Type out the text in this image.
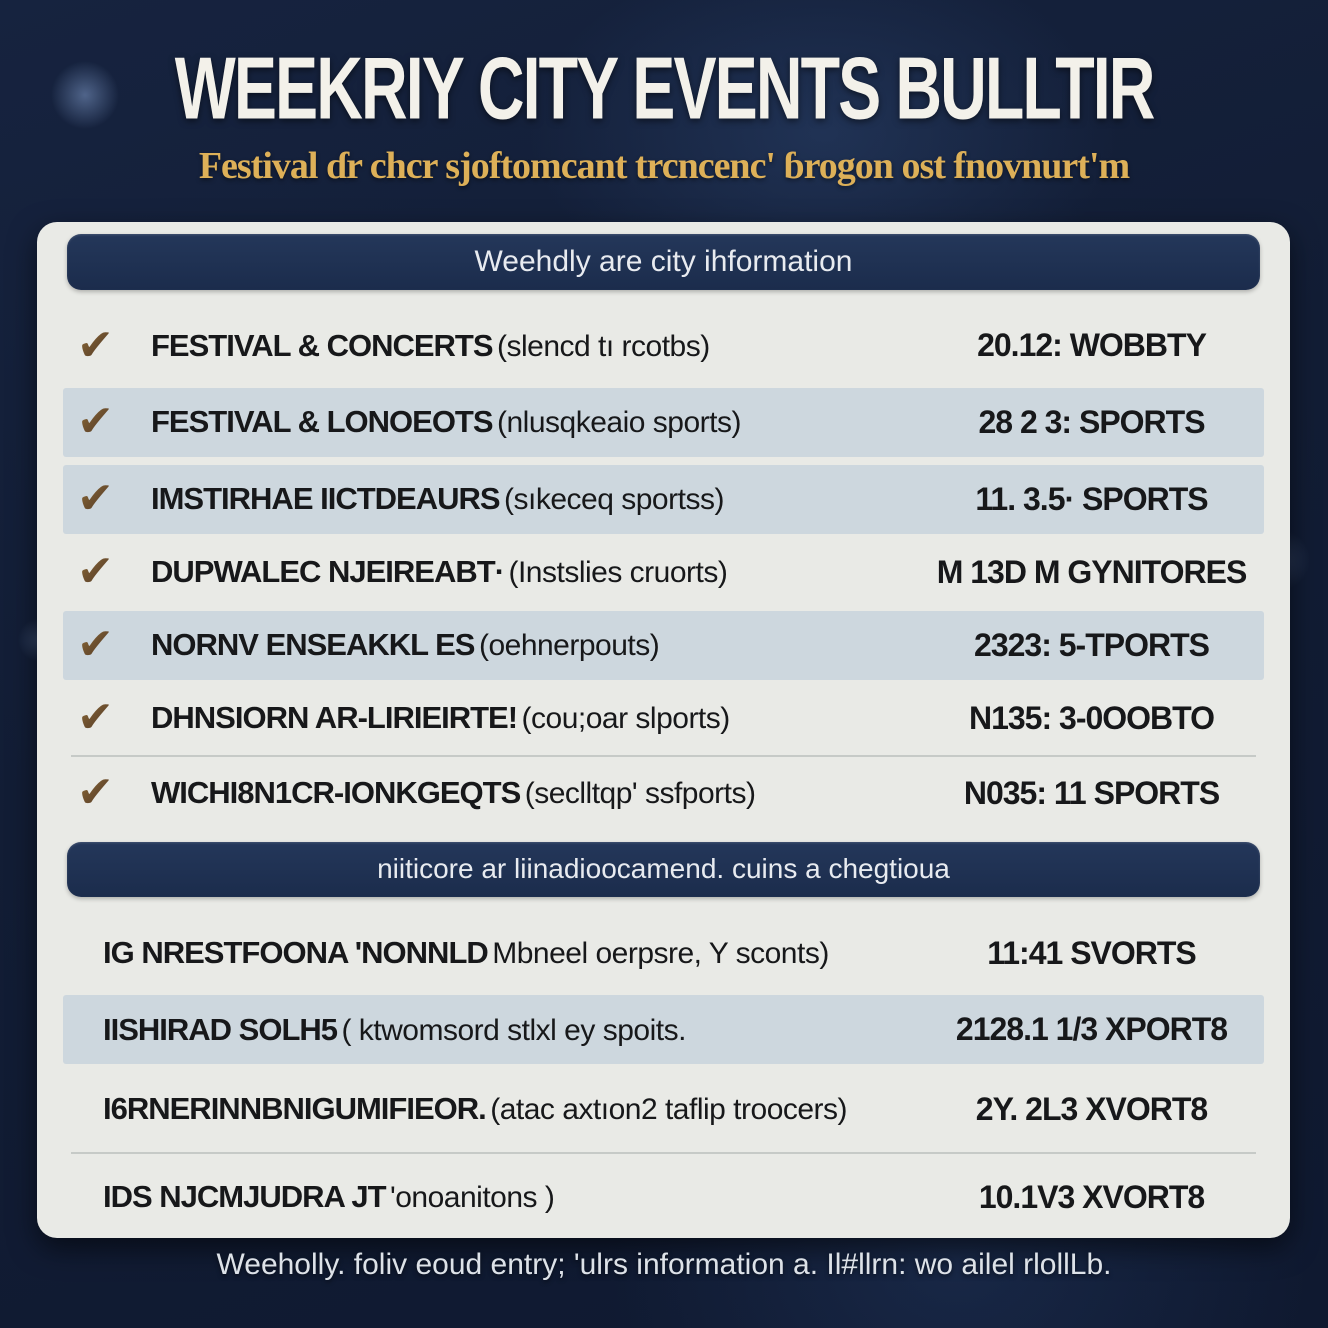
WEEKRIY CITY EVENTS BULLTIR
Festival ɗr chcr sjoftomcant trcncenc' ɓrogon ost fnovnurt'm
Weehdly are city ihformation
✔	FESTIVAL & CONCERTS (slencd tı rcotbs)	20.12: WOBBTY
✔	FESTIVAL & LONOEOTS (nlusqkeaio sports)	28 2 3: SPORTS
✔	IMSTIRHAE IICTDEAURS (sıkeceq sportss)	11. 3.5· SPORTS
✔	DUPWALEC NJEIREABT· (Instslies cruorts)	M 13D M GYNITORES
✔	NORNV ENSEAKKL ES (oehnerpouts)	2323: 5-TPORTS
✔	DHNSIORN AR-LIRIEIRTE! (cou;oar slports)	N135: 3-0OOBTO
✔	WICHI8N1CR-IONKGEQTS (seclltqp' ssfports)	N035: 11 SPORTS
niiticore ar liinadioocamend. cuins a chegtioua
IG NRESTFOONA 'NONNLD Mbneel oerpsre, Y sconts)	11:41 SVORTS
IISHIRAD SOLH5 ( ktwomsord stlxl ey spoits.	2128.1 1/3 XPORT8
I6RNERINNBNIGUMIFIEOR. (atac axtıon2 taflip troocers)	2Y. 2L3 XVORT8
IDS NJCMJUDRA JT 'onoanitons )	10.1V3 XVORT8
Weeholly. foliv eoud entry; 'ulrs information a. Il#llrn: wo ailel rlollLb.
